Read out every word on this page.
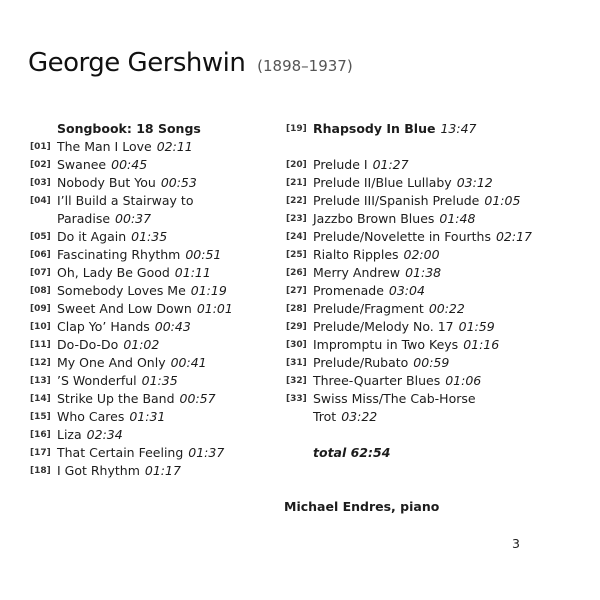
George Gershwin (1898–1937)
Songbook: 18 Songs
[01] The Man I Love 02:11
[02] Swanee 00:45
[03] Nobody But You 00:53
[04] I’ll Build a Stairway to
Paradise 00:37
[05] Do it Again 01:35
[06] Fascinating Rhythm 00:51
[07] Oh, Lady Be Good 01:11
[08] Somebody Loves Me 01:19
[09] Sweet And Low Down 01:01
[10] Clap Yo’ Hands 00:43
[11] Do-Do-Do 01:02
[12] My One And Only 00:41
[13] ’S Wonderful 01:35
[14] Strike Up the Band 00:57
[15] Who Cares 01:31
[16] Liza 02:34
[17] That Certain Feeling 01:37
[18] I Got Rhythm 01:17
[19] Rhapsody In Blue 13:47
[20] Prelude I 01:27
[21] Prelude II/Blue Lullaby 03:12
[22] Prelude III/Spanish Prelude 01:05
[23] Jazzbo Brown Blues 01:48
[24] Prelude/Novelette in Fourths 02:17
[25] Rialto Ripples 02:00
[26] Merry Andrew 01:38
[27] Promenade 03:04
[28] Prelude/Fragment 00:22
[29] Prelude/Melody No. 17 01:59
[30] Impromptu in Two Keys 01:16
[31] Prelude/Rubato 00:59
[32] Three-Quarter Blues 01:06
[33] Swiss Miss/The Cab-Horse
Trot 03:22
total 62:54
Michael Endres, piano
3
